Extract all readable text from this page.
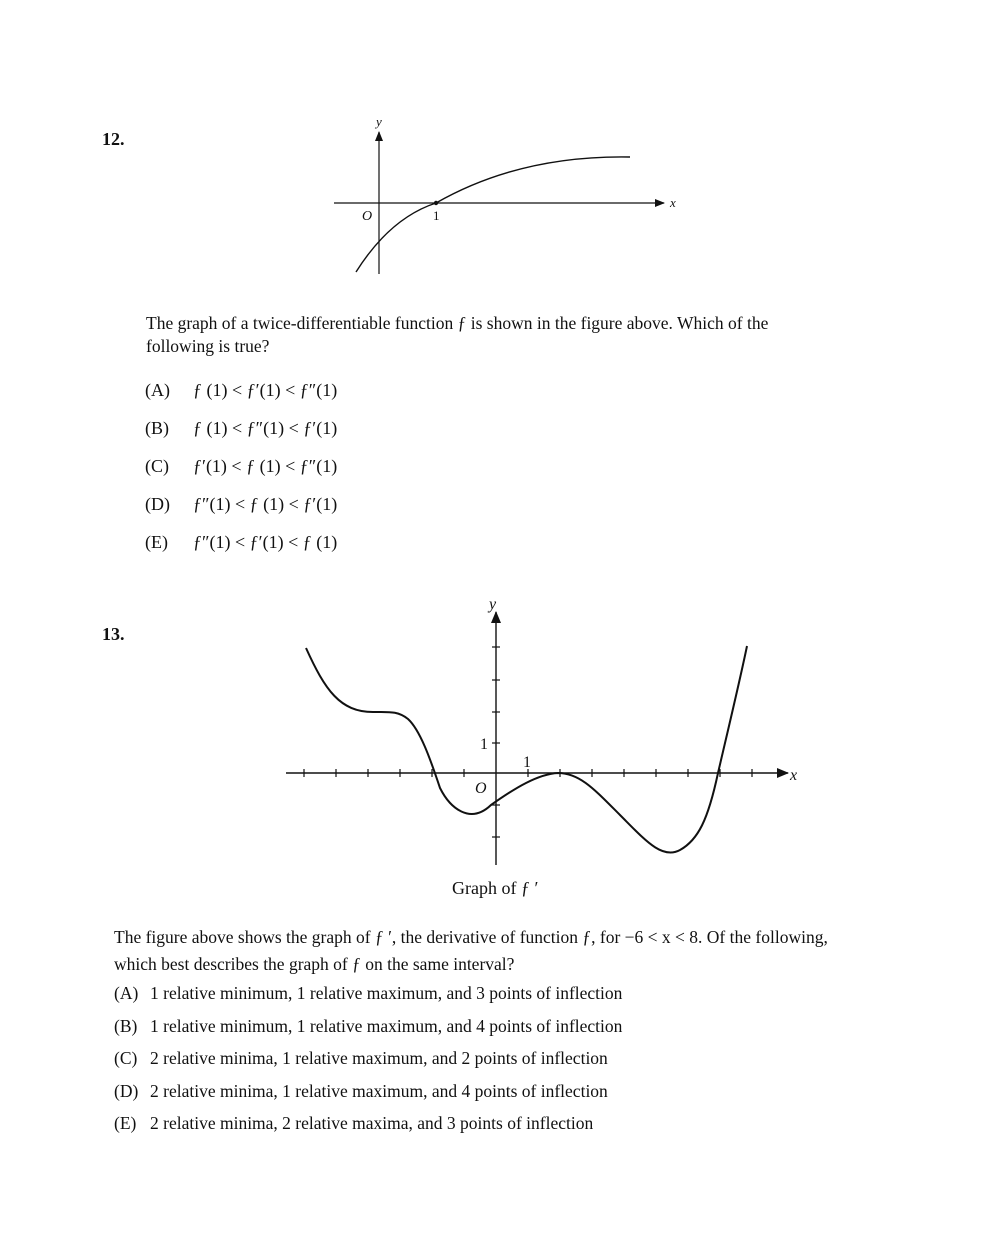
12.
y
x
O	1
The graph of a twice-differentiable function ƒ is shown in the figure above. Which of the
following is true?
(A) ƒ (1) < ƒ′(1) < ƒ″(1)
(B) ƒ (1) < ƒ″(1) < ƒ′(1)
(C) ƒ′(1) < ƒ (1) < ƒ″(1)
(D) ƒ″(1) < ƒ (1) < ƒ′(1)
(E) ƒ″(1) < ƒ′(1) < ƒ (1)
13.
y
x
O
1
1
Graph of ƒ ′
The figure above shows the graph of ƒ ′, the derivative of function ƒ, for −6 < x < 8. Of the following,
which best describes the graph of ƒ on the same interval?
(A) 1 relative minimum, 1 relative maximum, and 3 points of inflection
(B) 1 relative minimum, 1 relative maximum, and 4 points of inflection
(C) 2 relative minima, 1 relative maximum, and 2 points of inflection
(D) 2 relative minima, 1 relative maximum, and 4 points of inflection
(E) 2 relative minima, 2 relative maxima, and 3 points of inflection
